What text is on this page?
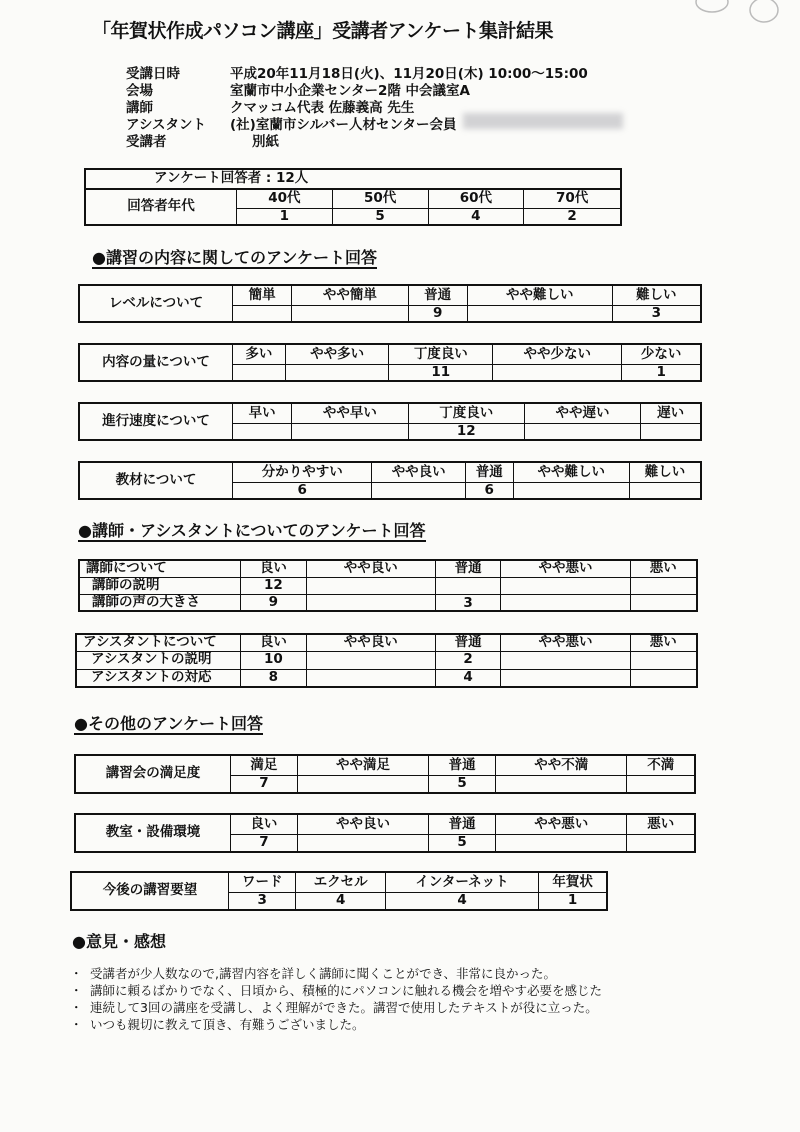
「年賀状作成パソコン講座」受講者アンケート集計結果
受講日時	平成20年11月18日(火)、11月20日(木) 10:00〜15:00
会場	室蘭市中小企業センター2階 中会議室A
講師	クマッコム代表 佐藤義高 先生
アシスタント	(社)室蘭市シルバー人材センター会員
受講者	別紙
アンケート回答者 : 12人				
回答者年代	40代	50代	60代	70代
	1	5	4	2
●講習の内容に関してのアンケート回答
レベルについて	簡単	やや簡単	普通	やや難しい	難しい
			9		3
内容の量について	多い	やや多い	丁度良い	やや少ない	少ない
			11		1
進行速度について	早い	やや早い	丁度良い	やや遅い	遅い
			12		
教材について	分かりやすい	やや良い	普通	やや難しい	難しい
	6		6		
●講師・アシスタントについてのアンケート回答
講師について	良い	やや良い	普通	やや悪い	悪い
講師の説明	12				
講師の声の大きさ	9		3		
アシスタントについて	良い	やや良い	普通	やや悪い	悪い
アシスタントの説明	10		2		
アシスタントの対応	8		4		
●その他のアンケート回答
講習会の満足度	満足	やや満足	普通	やや不満	不満
	7		5		
教室・設備環境	良い	やや良い	普通	やや悪い	悪い
	7		5		
今後の講習要望	ワード	エクセル	インターネット	年賀状
	3	4	4	1
●意見・感想
・ 受講者が少人数なので,講習内容を詳しく講師に聞くことができ、非常に良かった。
・ 講師に頼るばかりでなく、日頃から、積極的にパソコンに触れる機会を増やす必要を感じた
・ 連続して3回の講座を受講し、よく理解ができた。講習で使用したテキストが役に立った。
・ いつも親切に教えて頂き、有難うございました。
